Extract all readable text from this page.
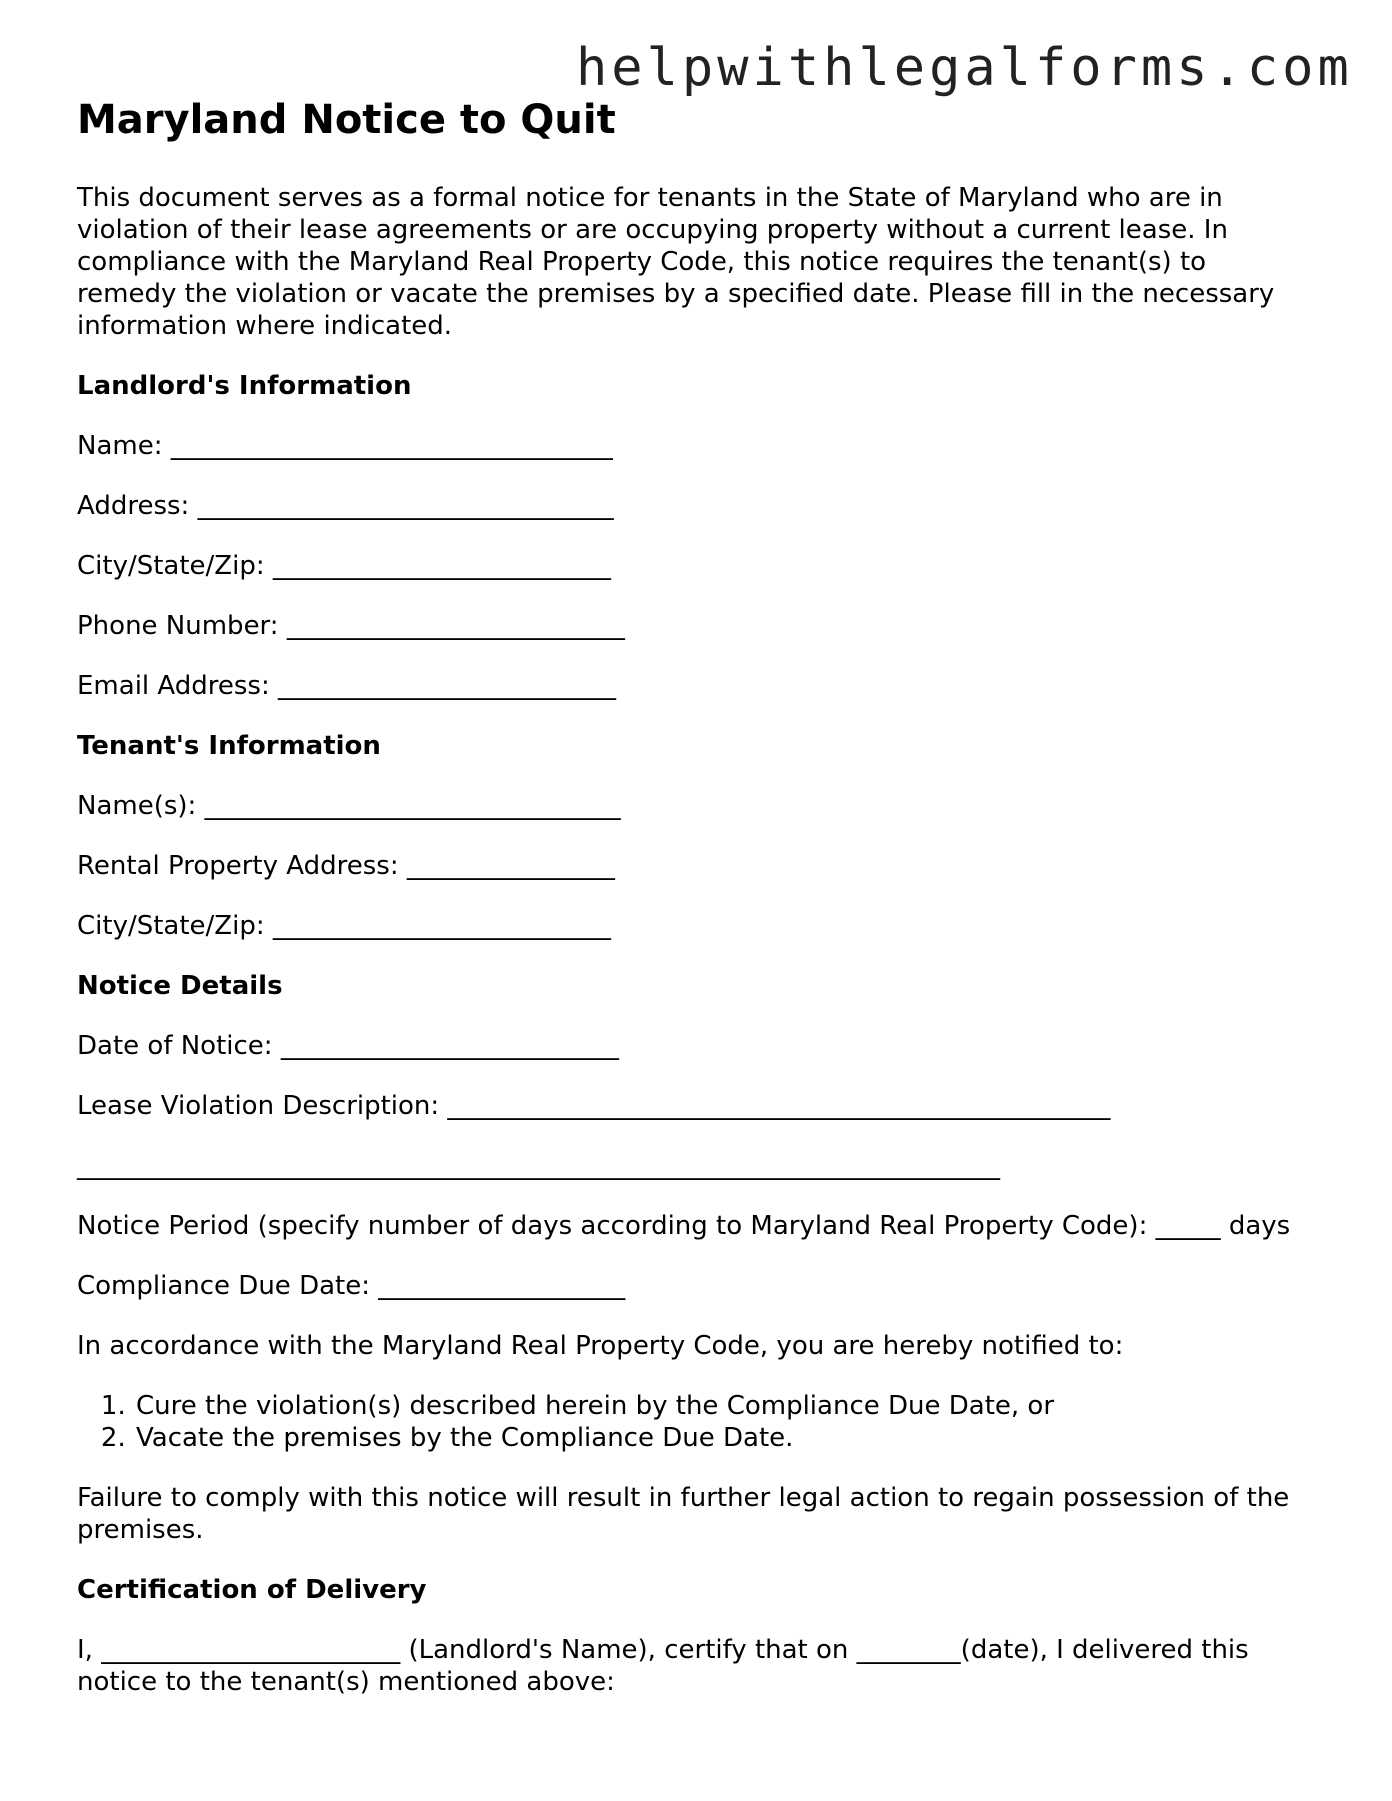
helpwithlegalforms.com
Maryland Notice to Quit

This document serves as a formal notice for tenants in the State of Maryland who are in violation of their lease agreements or are occupying property without a current lease. In compliance with the Maryland Real Property Code, this notice requires the tenant(s) to remedy the violation or vacate the premises by a specified date. Please fill in the necessary information where indicated.

Landlord's Information
Name: __________________________________
Address: ________________________________
City/State/Zip: __________________________
Phone Number: __________________________
Email Address: __________________________
Tenant's Information
Name(s): ________________________________
Rental Property Address: ________________
City/State/Zip: __________________________
Notice Details
Date of Notice: __________________________
Lease Violation Description: ___________________________________________________
_______________________________________________________________________

Notice Period (specify number of days according to Maryland Real Property Code): _____ days

Compliance Due Date: ___________________

In accordance with the Maryland Real Property Code, you are hereby notified to:

1. Cure the violation(s) described herein by the Compliance Due Date, or
2. Vacate the premises by the Compliance Due Date.

Failure to comply with this notice will result in further legal action to regain possession of the premises.

Certification of Delivery

I, _______________________ (Landlord's Name), certify that on ________(date), I delivered this notice to the tenant(s) mentioned above:
